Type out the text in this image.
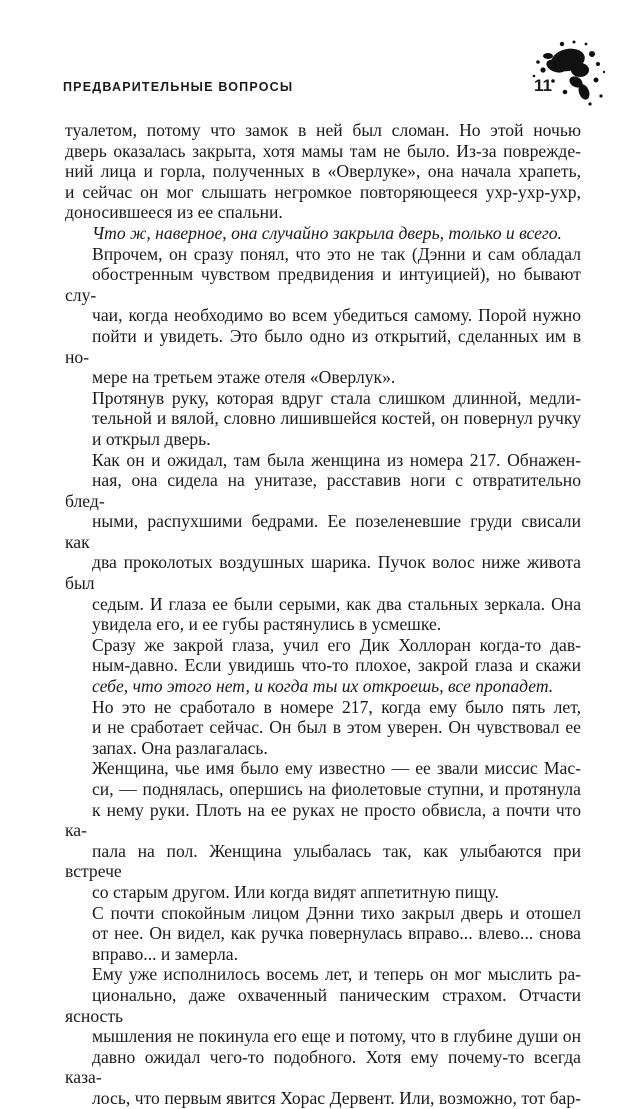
ПРЕДВАРИТЕЛЬНЫЕ ВОПРОСЫ	11

туалетом, потому что замок в ней был сломан. Но этой ночью
дверь оказалась закрыта, хотя мамы там не было. Из-за поврежде-
ний лица и горла, полученных в «Оверлуке», она начала храпеть,
и сейчас он мог слышать негромкое повторяющееся ухр-ухр-ухр,
доносившееся из ее спальни.

Что ж, наверное, она случайно закрыла дверь, только и всего.

Впрочем, он сразу понял, что это не так (Дэнни и сам обладал
обостренным чувством предвидения и интуицией), но бывают слу-
чаи, когда необходимо во всем убедиться самому. Порой нужно
пойти и увидеть. Это было одно из открытий, сделанных им в но-
мере на третьем этаже отеля «Оверлук».

Протянув руку, которая вдруг стала слишком длинной, медли-
тельной и вялой, словно лишившейся костей, он повернул ручку
и открыл дверь.

Как он и ожидал, там была женщина из номера 217. Обнажен-
ная, она сидела на унитазе, расставив ноги с отвратительно блед-
ными, распухшими бедрами. Ее позеленевшие груди свисали как
два проколотых воздушных шарика. Пучок волос ниже живота был
седым. И глаза ее были серыми, как два стальных зеркала. Она
увидела его, и ее губы растянулись в усмешке.

Сразу же закрой глаза, учил его Дик Холлоран когда-то дав-
ным-давно. Если увидишь что-то плохое, закрой глаза и скажи
себе, что этого нет, и когда ты их откроешь, все пропадет.

Но это не сработало в номере 217, когда ему было пять лет,
и не сработает сейчас. Он был в этом уверен. Он чувствовал ее
запах. Она разлагалась.

Женщина, чье имя было ему известно — ее звали миссис Мас-
си, — поднялась, опершись на фиолетовые ступни, и протянула
к нему руки. Плоть на ее руках не просто обвисла, а почти что ка-
пала на пол. Женщина улыбалась так, как улыбаются при встрече
со старым другом. Или когда видят аппетитную пищу.

С почти спокойным лицом Дэнни тихо закрыл дверь и отошел
от нее. Он видел, как ручка повернулась вправо... влево... снова
вправо... и замерла.

Ему уже исполнилось восемь лет, и теперь он мог мыслить ра-
ционально, даже охваченный паническим страхом. Отчасти ясность
мышления не покинула его еще и потому, что в глубине души он
давно ожидал чего-то подобного. Хотя ему почему-то всегда каза-
лось, что первым явится Хорас Дервент. Или, возможно, тот бар-
